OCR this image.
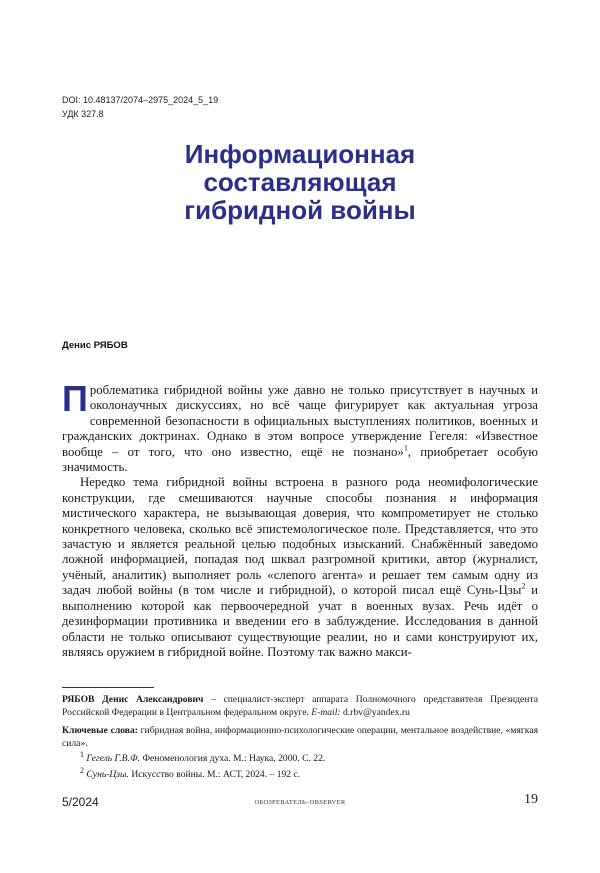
DOI: 10.48137/2074–2975_2024_5_19
УДК 327.8
Информационная
составляющая
гибридной войны
Денис РЯБОВ

Проблематика гибридной войны уже давно не только присутствует в научных и околонаучных дискуссиях, но всё чаще фигурирует как актуальная угроза современной безопасности в официальных выступлениях политиков, военных и гражданских доктринах. Однако в этом вопросе утверждение Гегеля: «Известное вообще – от того, что оно известно, ещё не познано»$^1$, приобретает особую значимость.

Нередко тема гибридной войны встроена в разного рода неомифологические конструкции, где смешиваются научные способы познания и информация мистического характера, не вызывающая доверия, что компрометирует не столько конкретного человека, сколько всё эпистемологическое поле. Представляется, что это зачастую и является реальной целью подобных изысканий. Снабжённый заведомо ложной информацией, попадая под шквал разгромной критики, автор (журналист, учёный, аналитик) выполняет роль «слепого агента» и решает тем самым одну из задач любой войны (в том числе и гибридной), о которой писал ещё Сунь-Цзы$^2$ и выполнению которой как первоочередной учат в военных вузах. Речь идёт о дезинформации противника и введении его в заблуждение. Исследования в данной области не только описывают существующие реалии, но и сами конструируют их, являясь оружием в гибридной войне. Поэтому так важно макси-

РЯБОВ Денис Александрович – специалист-эксперт аппарата Полномочного представителя Президента Российской Федерации в Центральном федеральном округе. E-mail: d.rbv@yandex.ru

Ключевые слова: гибридная война, информационно-психологические операции, ментальное воздействие, «мягкая сила».

$^1$ Гегель Г.В.Ф. Феноменология духа. М.: Наука, 2000. С. 22.

$^2$ Сунь-Цзы. Искусство войны. М.: АСТ, 2024. – 192 с.

5/2024	ОБОЗРЕВАТЕЛЬ–OBSERVER	19
